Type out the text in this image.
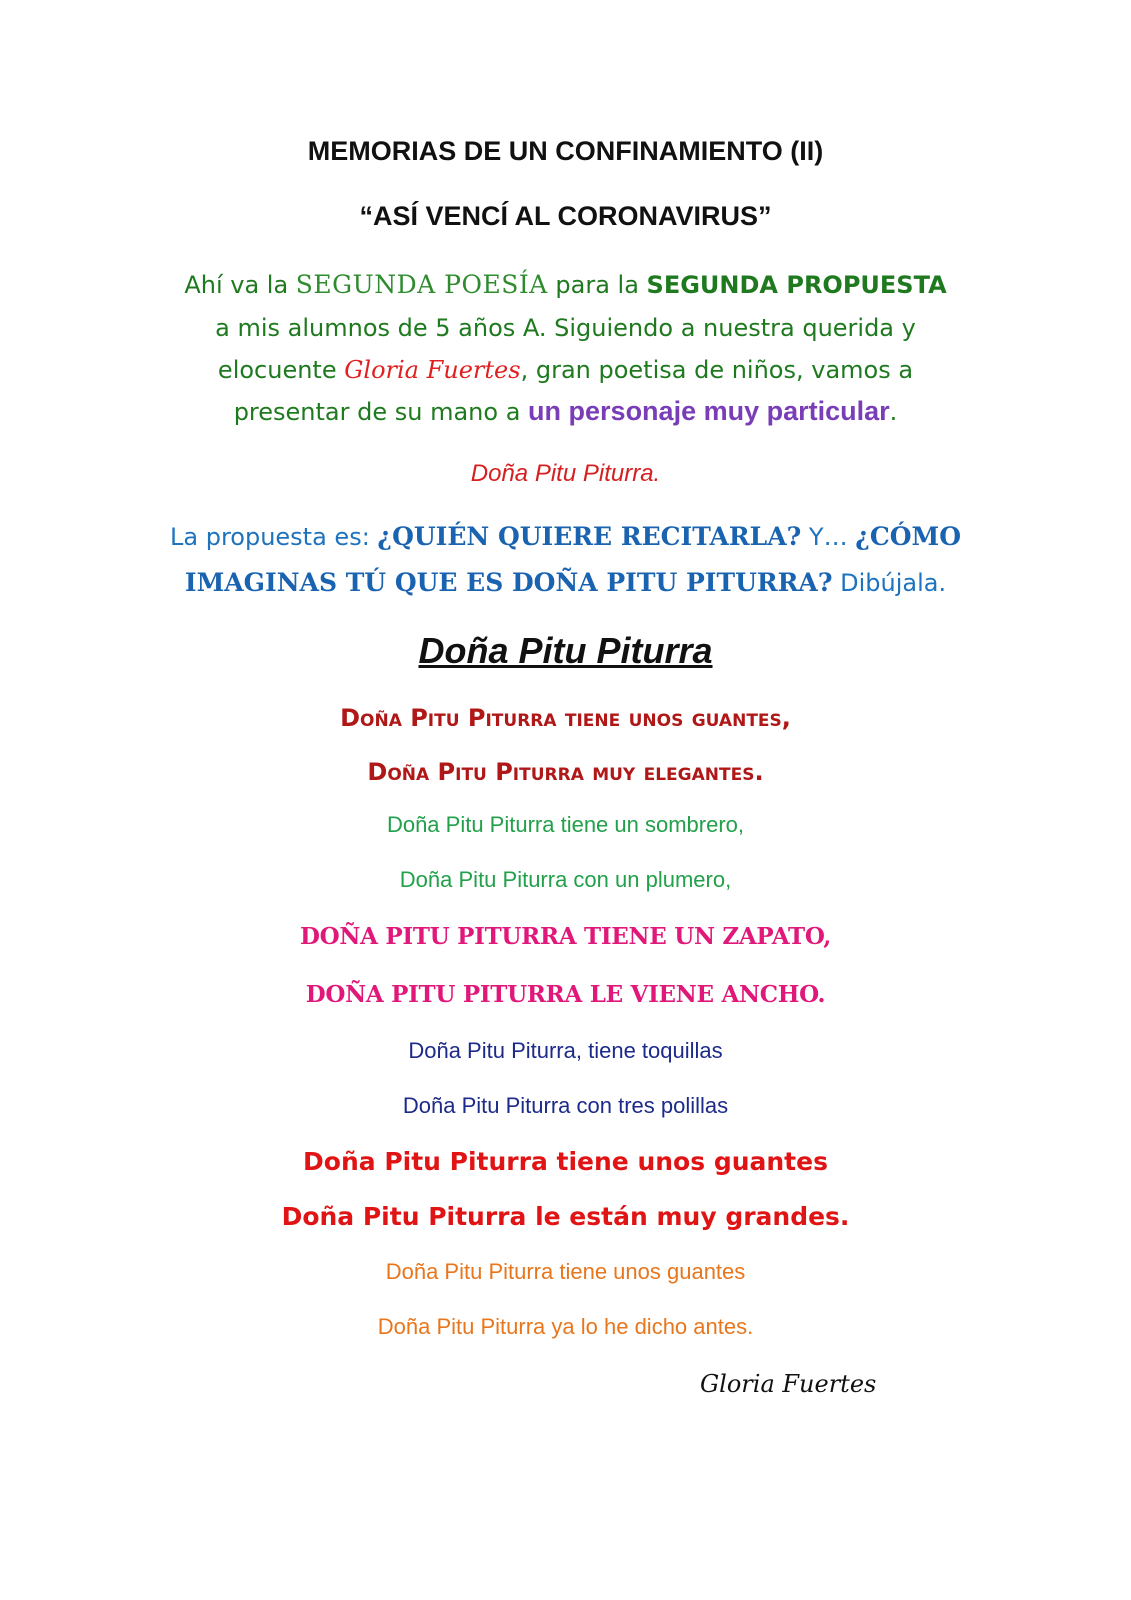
MEMORIAS DE UN CONFINAMIENTO (II)
“ASÍ VENCÍ AL CORONAVIRUS”
Ahí va la SEGUNDA POESÍA para la SEGUNDA PROPUESTA
a mis alumnos de 5 años A. Siguiendo a nuestra querida y
elocuente Gloria Fuertes, gran poetisa de niños, vamos a
presentar de su mano a un personaje muy particular.
Doña Pitu Piturra.
La propuesta es: ¿QUIÉN QUIERE RECITARLA? Y… ¿CÓMO
IMAGINAS TÚ QUE ES DOÑA PITU PITURRA? Dibújala.
Doña Pitu Piturra
Doña Pitu Piturra tiene unos guantes,
Doña Pitu Piturra muy elegantes.
Doña Pitu Piturra tiene un sombrero,
Doña Pitu Piturra con un plumero,
DOÑA PITU PITURRA TIENE UN ZAPATO,
DOÑA PITU PITURRA LE VIENE ANCHO.
Doña Pitu Piturra, tiene toquillas
Doña Pitu Piturra con tres polillas
Doña Pitu Piturra tiene unos guantes
Doña Pitu Piturra le están muy grandes.
Doña Pitu Piturra tiene unos guantes
Doña Pitu Piturra ya lo he dicho antes.
Gloria Fuertes
